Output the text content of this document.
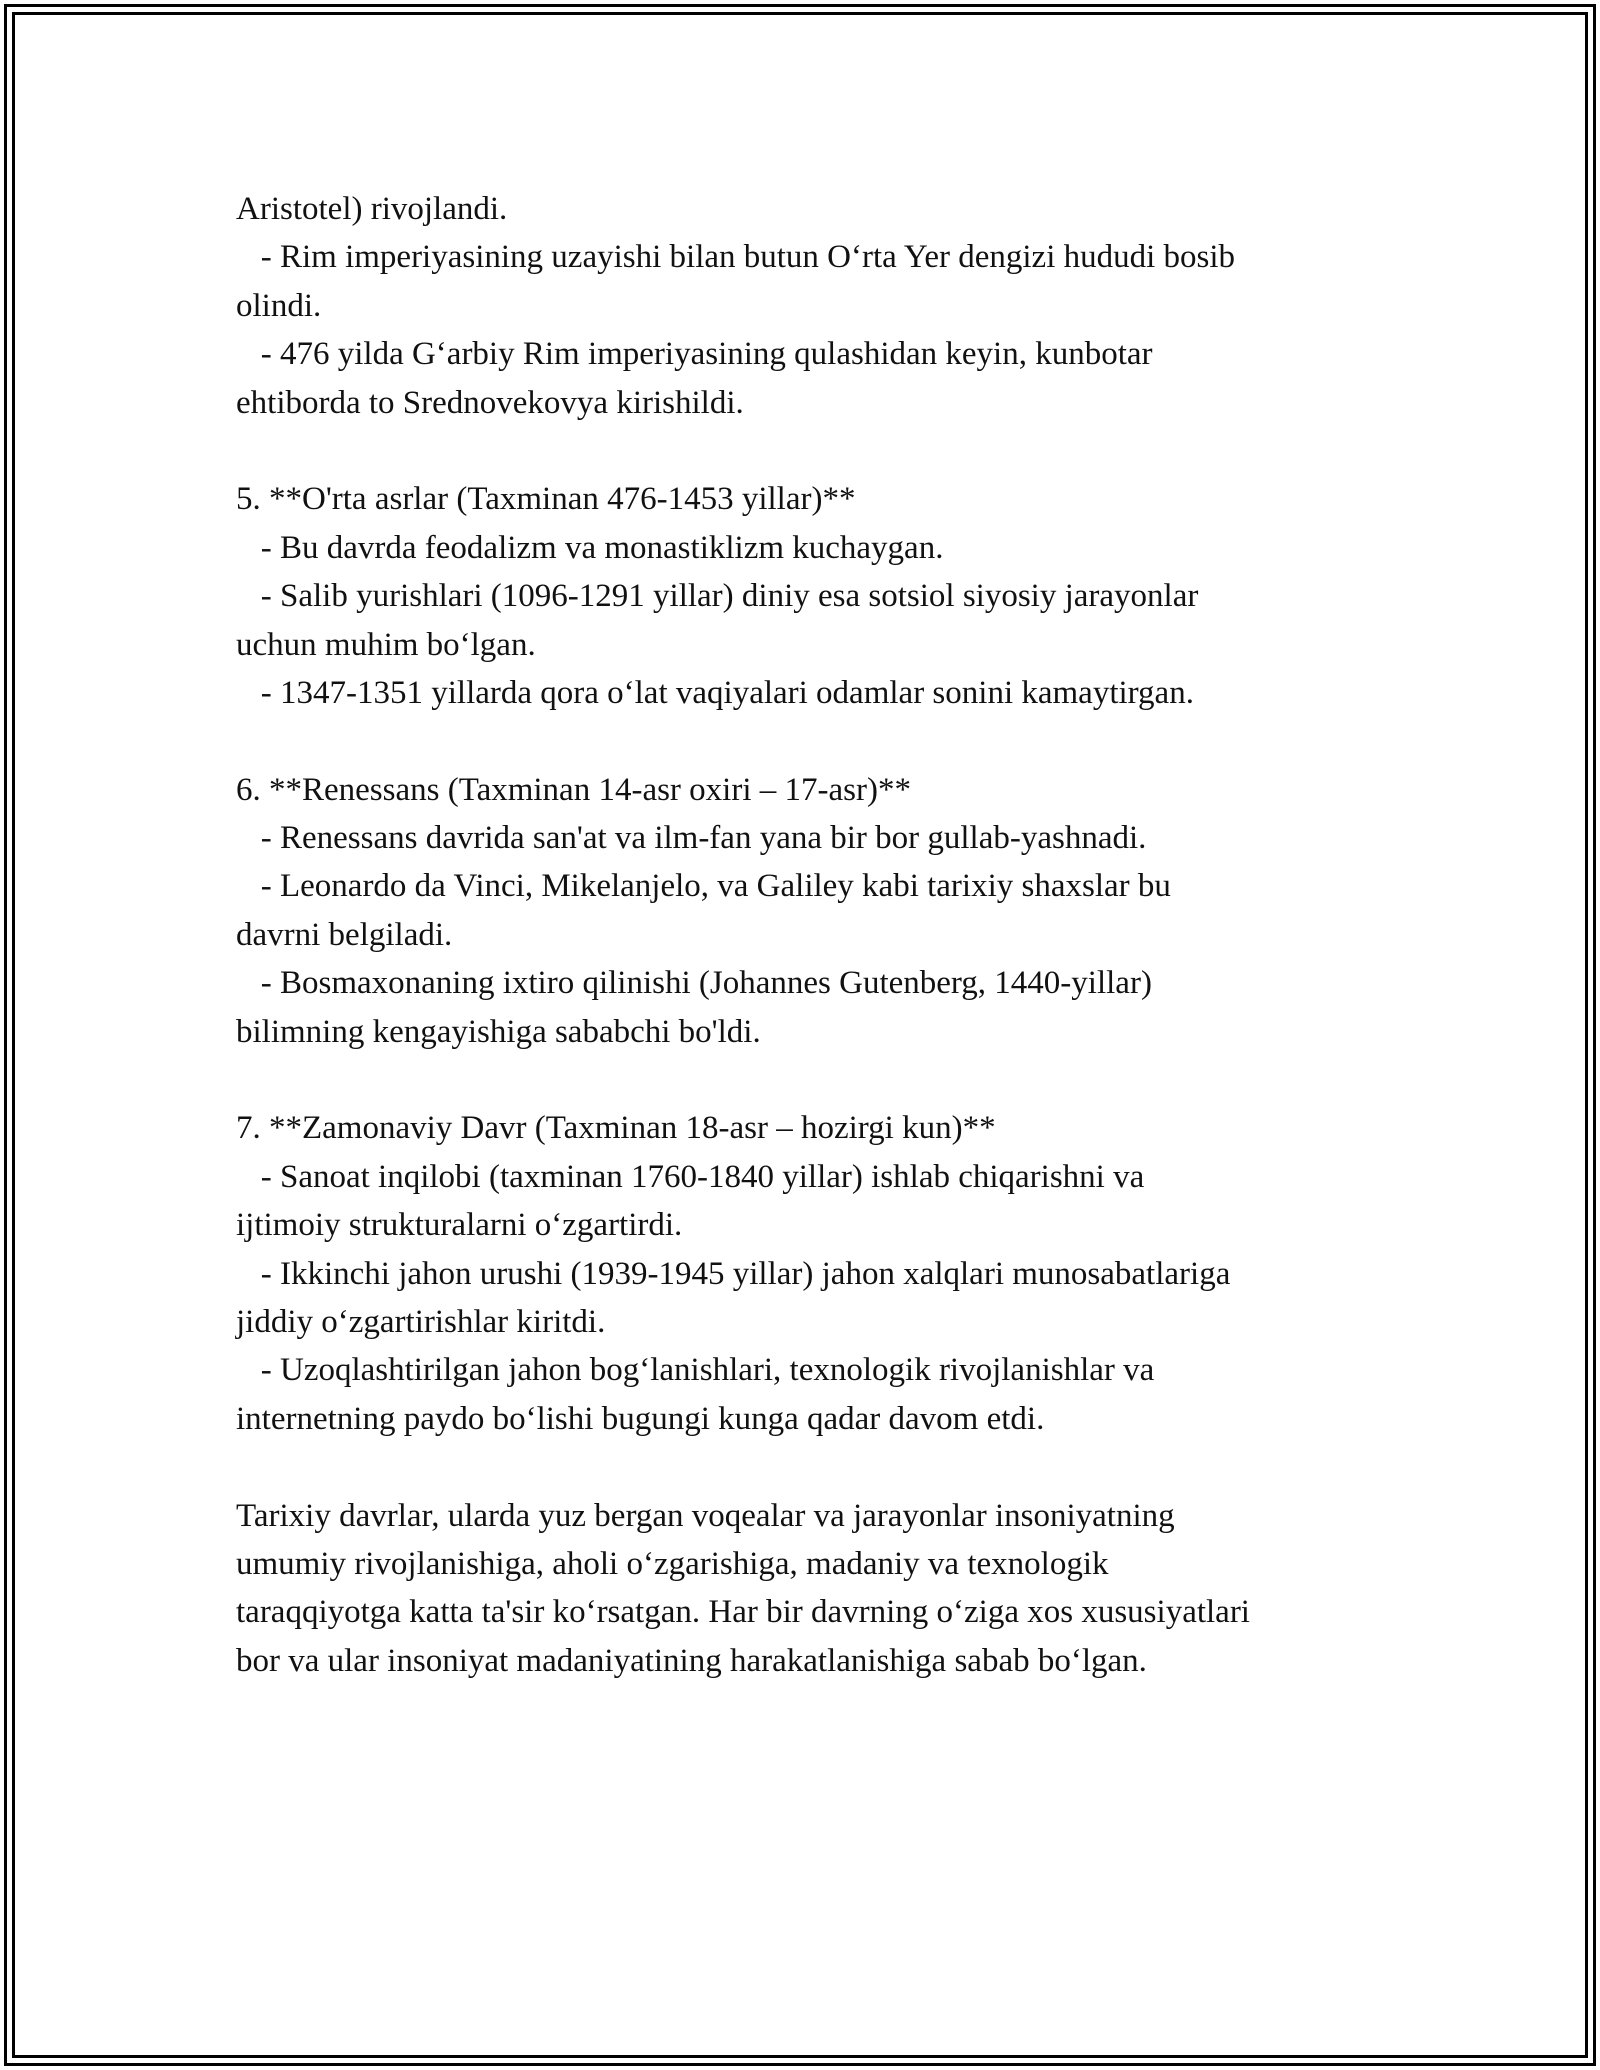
Aristotel) rivojlandi.
- Rim imperiyasining uzayishi bilan butun O‘rta Yer dengizi hududi bosib
olindi.
- 476 yilda G‘arbiy Rim imperiyasining qulashidan keyin, kunbotar
ehtiborda to Srednovekovya kirishildi.
5. **O'rta asrlar (Taxminan 476-1453 yillar)**
- Bu davrda feodalizm va monastiklizm kuchaygan.
- Salib yurishlari (1096-1291 yillar) diniy esa sotsiol siyosiy jarayonlar
uchun muhim bo‘lgan.
- 1347-1351 yillarda qora o‘lat vaqiyalari odamlar sonini kamaytirgan.
6. **Renessans (Taxminan 14-asr oxiri – 17-asr)**
- Renessans davrida san'at va ilm-fan yana bir bor gullab-yashnadi.
- Leonardo da Vinci, Mikelanjelo, va Galiley kabi tarixiy shaxslar bu
davrni belgiladi.
- Bosmaxonaning ixtiro qilinishi (Johannes Gutenberg, 1440-yillar)
bilimning kengayishiga sababchi bo'ldi.
7. **Zamonaviy Davr (Taxminan 18-asr – hozirgi kun)**
- Sanoat inqilobi (taxminan 1760-1840 yillar) ishlab chiqarishni va
ijtimoiy strukturalarni o‘zgartirdi.
- Ikkinchi jahon urushi (1939-1945 yillar) jahon xalqlari munosabatlariga
jiddiy o‘zgartirishlar kiritdi.
- Uzoqlashtirilgan jahon bog‘lanishlari, texnologik rivojlanishlar va
internetning paydo bo‘lishi bugungi kunga qadar davom etdi.
Tarixiy davrlar, ularda yuz bergan voqealar va jarayonlar insoniyatning
umumiy rivojlanishiga, aholi o‘zgarishiga, madaniy va texnologik
taraqqiyotga katta ta'sir ko‘rsatgan. Har bir davrning o‘ziga xos xususiyatlari
bor va ular insoniyat madaniyatining harakatlanishiga sabab bo‘lgan.
